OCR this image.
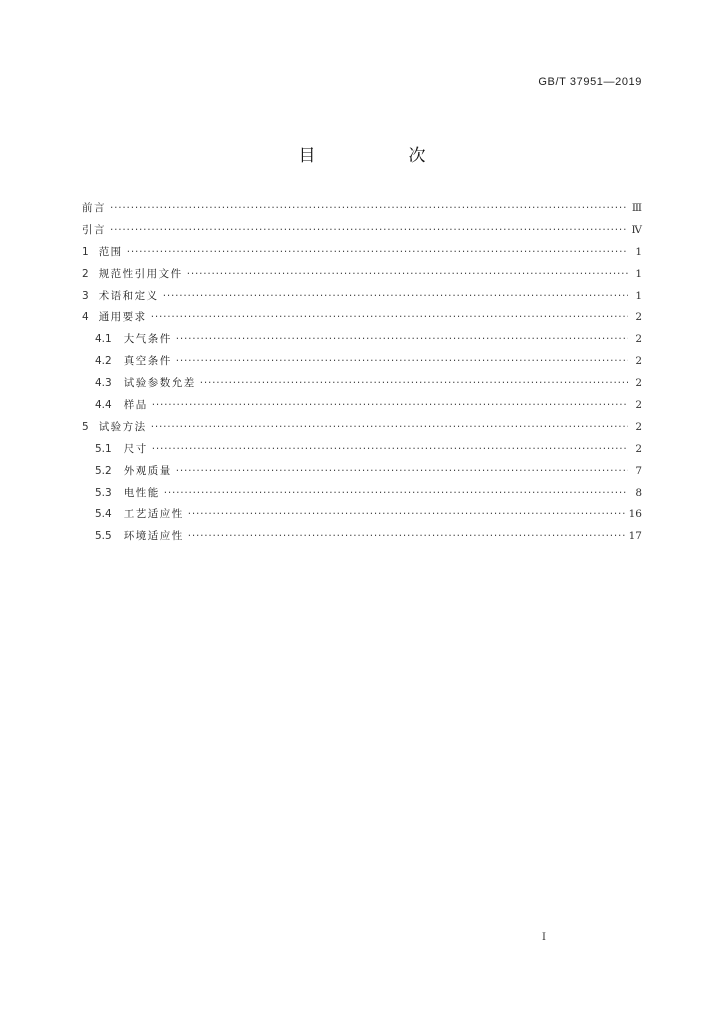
GB/T 37951—2019
目　次
前言 ·····	Ⅲ
引言 ·····	Ⅳ
1 范围 ·····	1
2 规范性引用文件 ·····	1
3 术语和定义 ·····	1
4 通用要求 ·····	2
4.1 大气条件 ·····	2
4.2 真空条件 ·····	2
4.3 试验参数允差 ·····	2
4.4 样品 ·····	2
5 试验方法 ·····	2
5.1 尺寸 ·····	2
5.2 外观质量 ·····	7
5.3 电性能 ·····	8
5.4 工艺适应性 ·····	16
5.5 环境适应性 ·····	17
I
